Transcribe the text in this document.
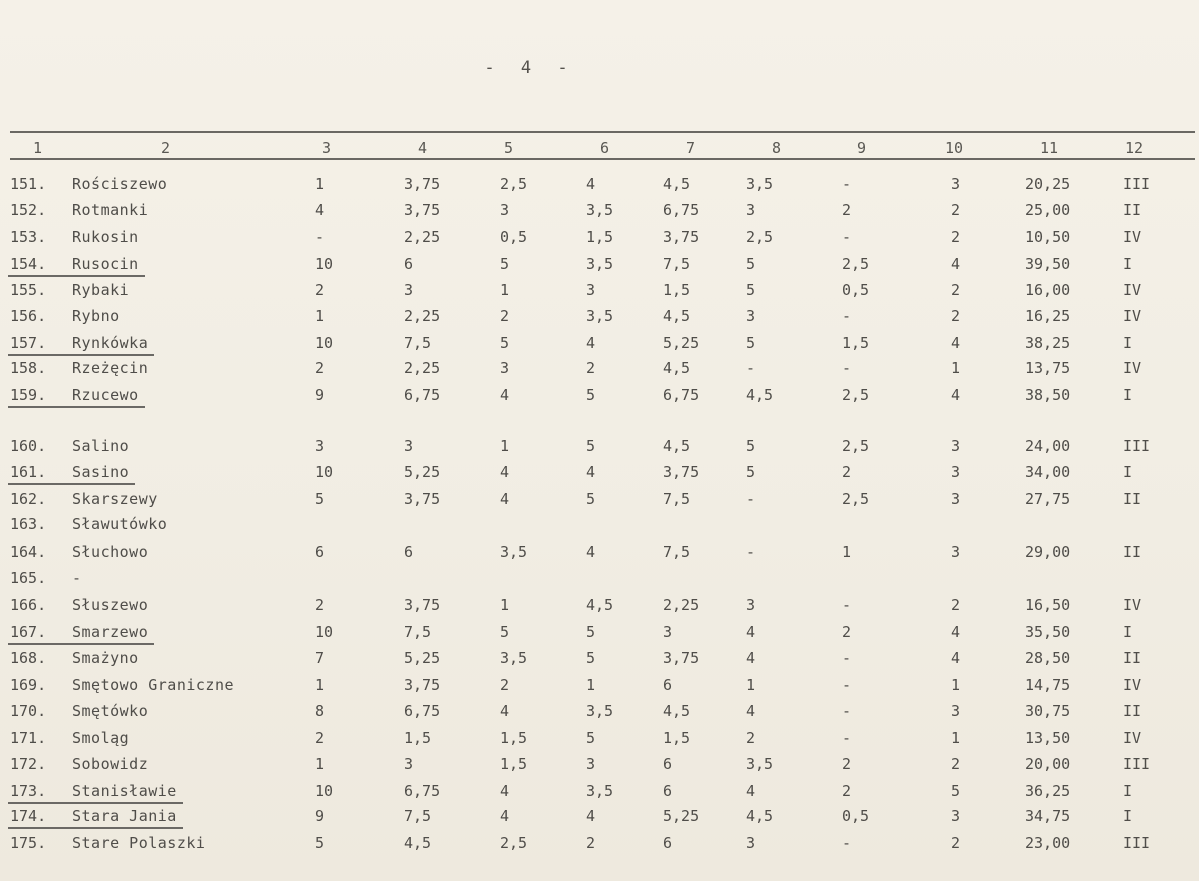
- 4 -
1	2	3	4	5	6	7	8	9	10	11	12
151. Rościszewo	1	3,75	2,5	4	4,5	3,5	-	3	20,25	III
152. Rotmanki	4	3,75	3	3,5	6,75	3	2	2	25,00	II
153. Rukosin	-	2,25	0,5	1,5	3,75	2,5	-	2	10,50	IV
154. Rusocin	10	6	5	3,5	7,5	5	2,5	4	39,50	I
155. Rybaki	2	3	1	3	1,5	5	0,5	2	16,00	IV
156. Rybno	1	2,25	2	3,5	4,5	3	-	2	16,25	IV
157. Rynkówka	10	7,5	5	4	5,25	5	1,5	4	38,25	I
158. Rzeżęcin	2	2,25	3	2	4,5	-	-	1	13,75	IV
159. Rzucewo	9	6,75	4	5	6,75	4,5	2,5	4	38,50	I
160. Salino	3	3	1	5	4,5	5	2,5	3	24,00	III
161. Sasino	10	5,25	4	4	3,75	5	2	3	34,00	I
162. Skarszewy	5	3,75	4	5	7,5	-	2,5	3	27,75	II
163. Sławutówko
164. Słuchowo	6	6	3,5	4	7,5	-	1	3	29,00	II
165. -
166. Słuszewo	2	3,75	1	4,5	2,25	3	-	2	16,50	IV
167. Smarzewo	10	7,5	5	5	3	4	2	4	35,50	I
168. Smażyno	7	5,25	3,5	5	3,75	4	-	4	28,50	II
169. Smętowo Graniczne	1	3,75	2	1	6	1	-	1	14,75	IV
170. Smętówko	8	6,75	4	3,5	4,5	4	-	3	30,75	II
171. Smoląg	2	1,5	1,5	5	1,5	2	-	1	13,50	IV
172. Sobowidz	1	3	1,5	3	6	3,5	2	2	20,00	III
173. Stanisławie	10	6,75	4	3,5	6	4	2	5	36,25	I
174. Stara Jania	9	7,5	4	4	5,25	4,5	0,5	3	34,75	I
175. Stare Polaszki	5	4,5	2,5	2	6	3	-	2	23,00	III
